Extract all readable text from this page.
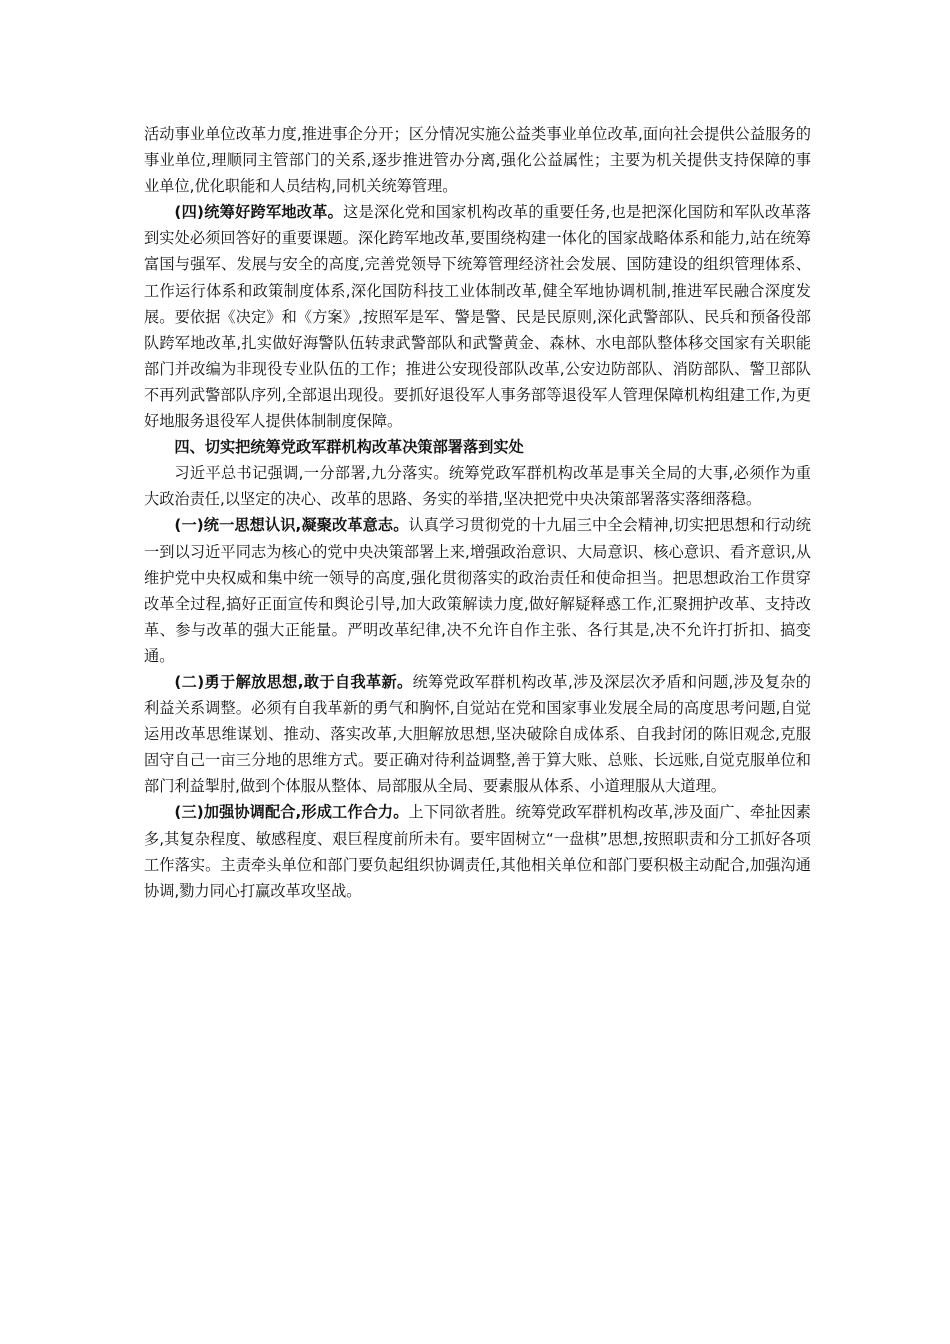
活动事业单位改革力度,推进事企分开；区分情况实施公益类事业单位改革,面向社会提供公益服务的事业单位,理顺同主管部门的关系,逐步推进管办分离,强化公益属性；主要为机关提供支持保障的事业单位,优化职能和人员结构,同机关统筹管理。

(四)统筹好跨军地改革。这是深化党和国家机构改革的重要任务,也是把深化国防和军队改革落到实处必须回答好的重要课题。深化跨军地改革,要围绕构建一体化的国家战略体系和能力,站在统筹富国与强军、发展与安全的高度,完善党领导下统筹管理经济社会发展、国防建设的组织管理体系、工作运行体系和政策制度体系,深化国防科技工业体制改革,健全军地协调机制,推进军民融合深度发展。要依据《决定》和《方案》,按照军是军、警是警、民是民原则,深化武警部队、民兵和预备役部队跨军地改革,扎实做好海警队伍转隶武警部队和武警黄金、森林、水电部队整体移交国家有关职能部门并改编为非现役专业队伍的工作；推进公安现役部队改革,公安边防部队、消防部队、警卫部队不再列武警部队序列,全部退出现役。要抓好退役军人事务部等退役军人管理保障机构组建工作,为更好地服务退役军人提供体制制度保障。

四、切实把统筹党政军群机构改革决策部署落到实处

习近平总书记强调,一分部署,九分落实。统筹党政军群机构改革是事关全局的大事,必须作为重大政治责任,以坚定的决心、改革的思路、务实的举措,坚决把党中央决策部署落实落细落稳。

(一)统一思想认识,凝聚改革意志。认真学习贯彻党的十九届三中全会精神,切实把思想和行动统一到以习近平同志为核心的党中央决策部署上来,增强政治意识、大局意识、核心意识、看齐意识,从维护党中央权威和集中统一领导的高度,强化贯彻落实的政治责任和使命担当。把思想政治工作贯穿改革全过程,搞好正面宣传和舆论引导,加大政策解读力度,做好解疑释惑工作,汇聚拥护改革、支持改革、参与改革的强大正能量。严明改革纪律,决不允许自作主张、各行其是,决不允许打折扣、搞变通。

(二)勇于解放思想,敢于自我革新。统筹党政军群机构改革,涉及深层次矛盾和问题,涉及复杂的利益关系调整。必须有自我革新的勇气和胸怀,自觉站在党和国家事业发展全局的高度思考问题,自觉运用改革思维谋划、推动、落实改革,大胆解放思想,坚决破除自成体系、自我封闭的陈旧观念,克服固守自己一亩三分地的思维方式。要正确对待利益调整,善于算大账、总账、长远账,自觉克服单位和部门利益掣肘,做到个体服从整体、局部服从全局、要素服从体系、小道理服从大道理。

(三)加强协调配合,形成工作合力。上下同欲者胜。统筹党政军群机构改革,涉及面广、牵扯因素多,其复杂程度、敏感程度、艰巨程度前所未有。要牢固树立“一盘棋”思想,按照职责和分工抓好各项工作落实。主责牵头单位和部门要负起组织协调责任,其他相关单位和部门要积极主动配合,加强沟通协调,勠力同心打赢改革攻坚战。
